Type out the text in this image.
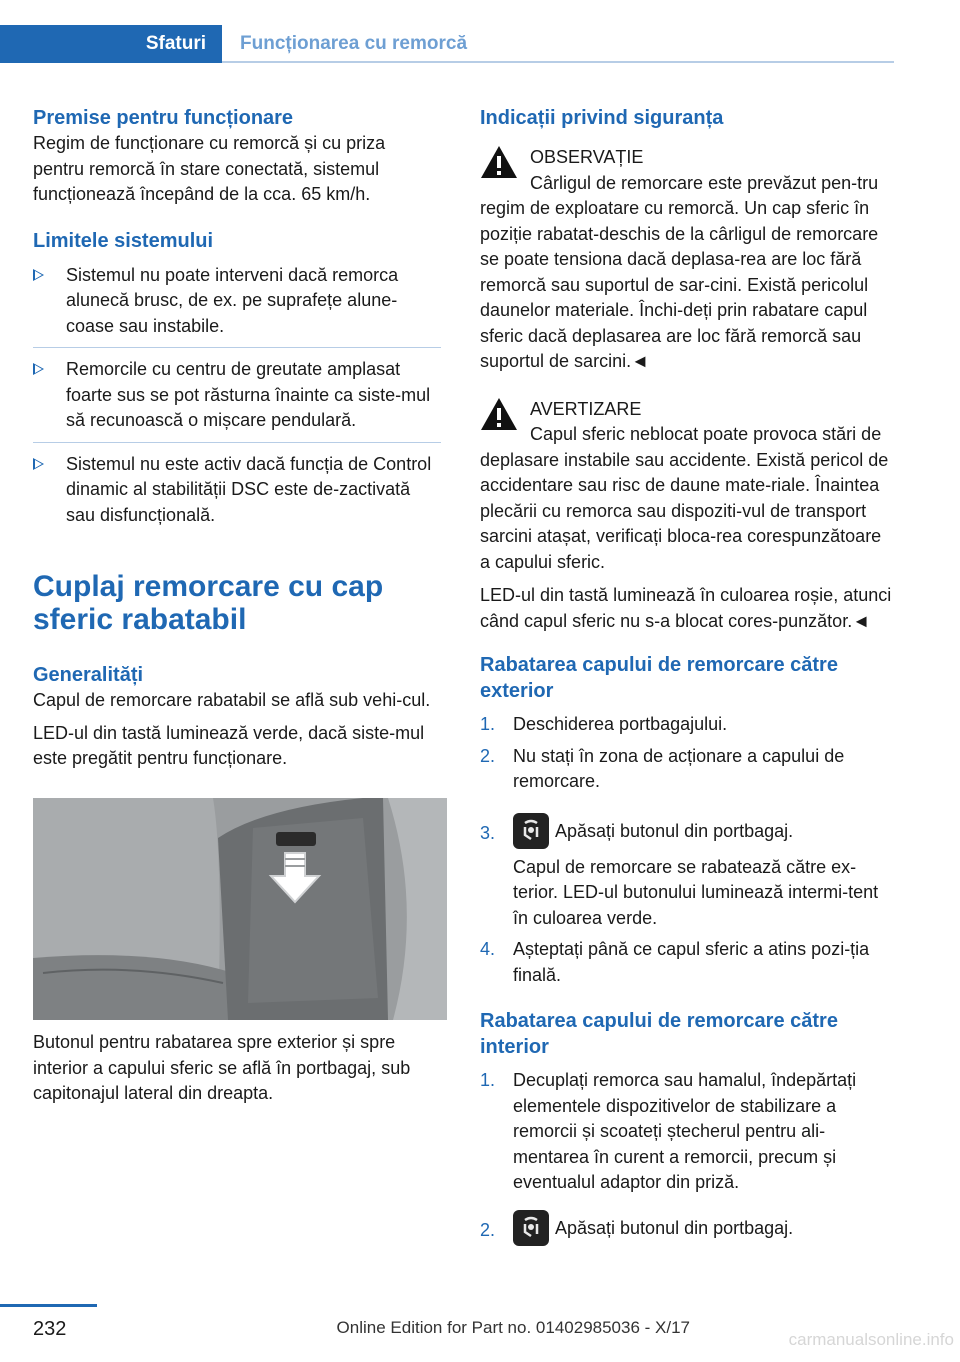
Sfaturi Funcționarea cu remorcă
Premise pentru funcționare

Regim de funcționare cu remorcă și cu priza pentru remorcă în stare conectată, sistemul funcționează începând de la cca. 65 km/h.

Limitele sistemului
Sistemul nu poate interveni dacă remorca alunecă brusc, de ex. pe suprafețe alune-coase sau instabile.
Remorcile cu centru de greutate amplasat foarte sus se pot răsturna înainte ca siste-mul să recunoască o mișcare pendulară.
Sistemul nu este activ dacă funcția de Control dinamic al stabilității DSC este de-zactivată sau disfuncțională.
Cuplaj remorcare cu cap sferic rabatabil
Generalități

Capul de remorcare rabatabil se află sub vehi-cul.

LED-ul din tastă luminează verde, dacă siste-mul este pregătit pentru funcționare.

Butonul pentru rabatarea spre exterior și spre interior a capului sferic se află în portbagaj, sub capitonajul lateral din dreapta.

Indicații privind siguranța

OBSERVAȚIE

Cârligul de remorcare este prevăzut pen-tru regim de exploatare cu remorcă. Un cap sferic în poziție rabatat-deschis de la cârligul de remorcare se poate tensiona dacă deplasa-rea are loc fără remorcă sau suportul de sar-cini. Există pericolul daunelor materiale. Închi-deți prin rabatare capul sferic dacă deplasarea are loc fără remorcă sau suportul de sarcini.◄

AVERTIZARE

Capul sferic neblocat poate provoca stări de deplasare instabile sau accidente. Există pericol de accidentare sau risc de daune mate-riale. Înaintea plecării cu remorca sau dispoziti-vul de transport sarcini atașat, verificați bloca-rea corespunzătoare a capului sferic.

LED-ul din tastă luminează în culoarea roșie, atunci când capul sferic nu s-a blocat cores-punzător.◄

Rabatarea capului de remorcare către exterior
1. Deschiderea portbagajului.
2. Nu stați în zona de acționare a capului de remorcare.
3.	Apăsați butonul din portbagaj.
Capul de remorcare se rabatează către ex-terior. LED-ul butonului luminează intermi-tent în culoarea verde.
4. Așteptați până ce capul sferic a atins pozi-ția finală.
Rabatarea capului de remorcare către interior
1. Decuplați remorca sau hamalul, îndepărtați elementele dispozitivelor de stabilizare a remorcii și scoateți ștecherul pentru ali-mentarea în curent a remorcii, precum și eventualul adaptor din priză.
2.	Apăsați butonul din portbagaj.
232	Online Edition for Part no. 01402985036 - X/17
carmanualsonline.info
